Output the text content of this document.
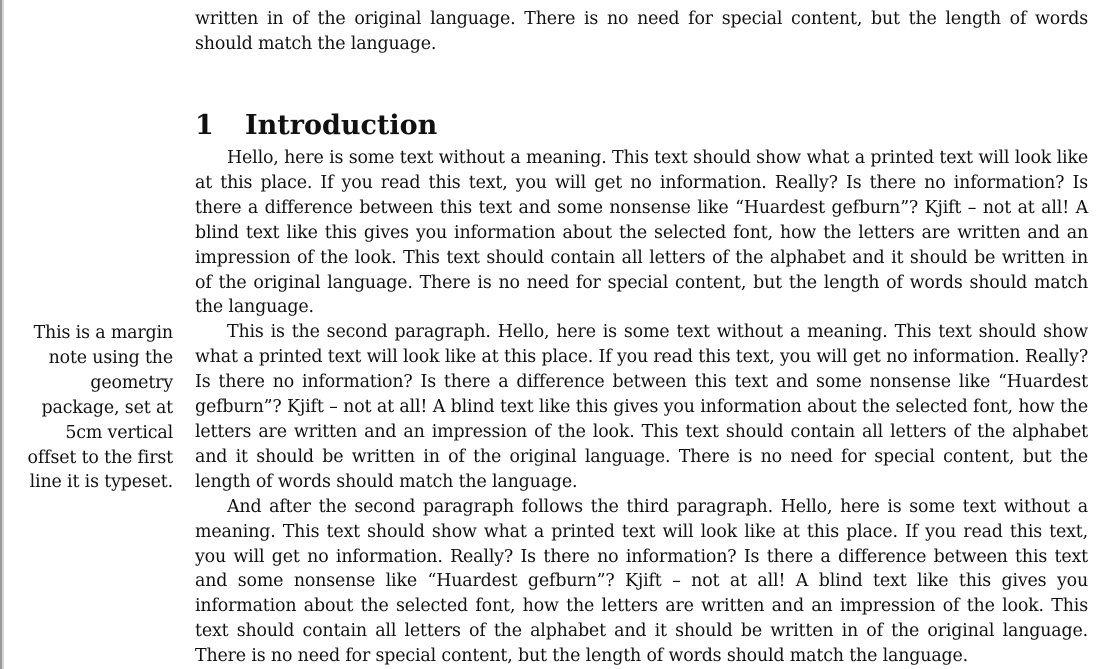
written in of the original language. There is no need for special content, but the length of words should match the language.
1 Introduction

Hello, here is some text without a meaning. This text should show what a printed text will look like at this place. If you read this text, you will get no information. Really? Is there no information? Is there a difference between this text and some nonsense like “Huardest gefburn”? Kjift – not at all! A blind text like this gives you information about the selected font, how the letters are written and an impression of the look. This text should contain all letters of the alphabet and it should be written in of the original language. There is no need for special content, but the length of words should match the language.

This is the second paragraph. Hello, here is some text without a meaning. This text should show what a printed text will look like at this place. If you read this text, you will get no information. Really? Is there no information? Is there a difference between this text and some nonsense like “Huardest gefburn”? Kjift – not at all! A blind text like this gives you information about the selected font, how the letters are written and an impression of the look. This text should contain all letters of the alphabet and it should be written in of the original language. There is no need for special content, but the length of words should match the language.

And after the second paragraph follows the third paragraph. Hello, here is some text without a meaning. This text should show what a printed text will look like at this place. If you read this text, you will get no information. Really? Is there no information? Is there a difference between this text and some nonsense like “Huardest gefburn”? Kjift – not at all! A blind text like this gives you information about the selected font, how the letters are written and an impression of the look. This text should contain all letters of the alphabet and it should be written in of the original language. There is no need for special content, but the length of words should match the language.

This is a margin note using the geometry package, set at 5cm vertical offset to the first line it is typeset.
